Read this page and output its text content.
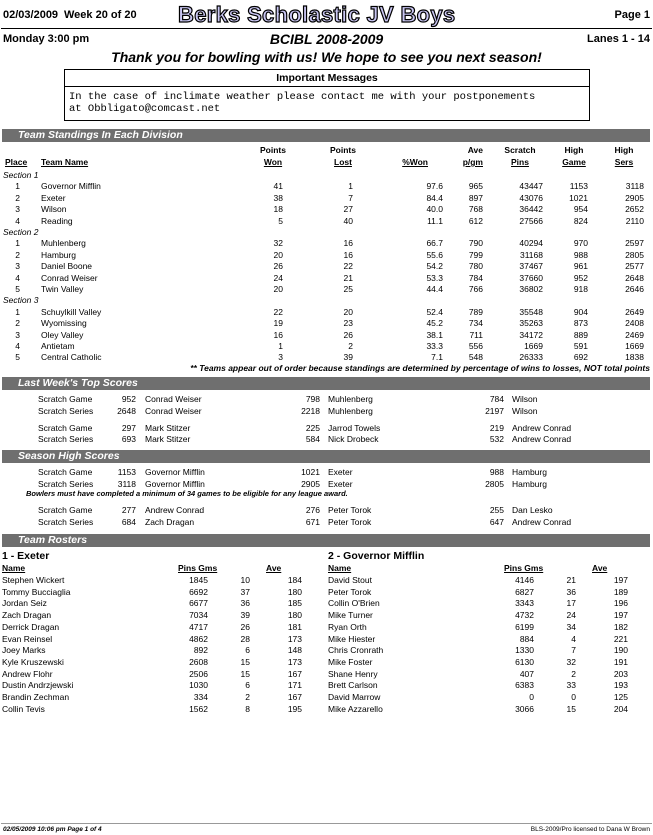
02/03/2009 Week 20 of 20 Berks Scholastic JV Boys	Page 1
Monday 3:00 pm	BCIBL 2008-2009	Lanes 1 - 14
Thank you for bowling with us! We hope to see you next season!
Important Messages
In the case of inclimate weather please contact me with your postponements
at Obbligato@comcast.net
Team Standings In Each Division
Points	Points	Ave	Scratch	High	High
Won	Lost
Place Team Name	%Won	p/gm	Pins	Game	Sers
Section 1
1 Governor Mifflin	41	1	97.6	965	43447	1153	3118
2 Exeter	38	7	84.4	897	43076	1021	2905
3 Wilson	18	27	40.0	768	36442	954	2652
4 Reading	5	40	11.1	612	27566	824	2110
Section 2
1 Muhlenberg	32	16	66.7	790	40294	970	2597
2 Hamburg	20	16	55.6	799	31168	988	2805
3 Daniel Boone	26	22	54.2	780	37467	961	2577
4 Conrad Weiser	24	21	53.3	784	37660	952	2648
5 Twin Valley	20	25	44.4	766	36802	918	2646
Section 3
1 Schuylkill Valley	22	20	52.4	789	35548	904	2649
2 Wyomissing	19	23	45.2	734	35263	873	2408
3 Oley Valley	16	26	38.1	711	34172	889	2469
4 Antietam	1	2	33.3	556	1669	591	1669
5 Central Catholic	3	39	7.1	548	26333	692	1838
** Teams appear out of order because standings are determined by percentage of wins to losses, NOT total points
Last Week's Top Scores
Scratch Game	952 Conrad Weiser	798 Muhlenberg	784 Wilson
Scratch Series	2648 Conrad Weiser	2218 Muhlenberg	2197 Wilson
Scratch Game	297 Mark Stitzer	225 Jarrod Towels	219 Andrew Conrad
Scratch Series	693 Mark Stitzer	584 Nick Drobeck	532 Andrew Conrad
Season High Scores
Scratch Game	1153 Governor Mifflin	1021 Exeter	988 Hamburg
Scratch Series	3118 Governor Mifflin	2905 Exeter	2805 Hamburg
Bowlers must have completed a minimum of 34 games to be eligible for any league award.
Scratch Game	277 Andrew Conrad	276 Peter Torok	255 Dan Lesko
Scratch Series	684 Zach Dragan	671 Peter Torok	647 Andrew Conrad
Team Rosters
1 - Exeter
Name	Pins Gms	Ave
Stephen Wickert	1845	10	184
Tommy Bucciaglia	6692	37	180
Jordan Seiz	6677	36	185
Zach Dragan	7034	39	180
Derrick Dragan	4717	26	181
Evan Reinsel	4862	28	173
Joey Marks	892	6	148
Kyle Kruszewski	2608	15	173
Andrew Flohr	2506	15	167
Dustin Andrzjewski	1030	6	171
Brandin Zechman	334	2	167
Collin Tevis	1562	8	195
2 - Governor Mifflin
Name	Pins Gms	Ave
David Stout	4146	21	197
Peter Torok	6827	36	189
Collin O'Brien	3343	17	196
Mike Turner	4732	24	197
Ryan Orth	6199	34	182
Mike Hiester	884	4	221
Chris Cronrath	1330	7	190
Mike Foster	6130	32	191
Shane Henry	407	2	203
Brett Carlson	6383	33	193
David Marrow	0	0	125
Mike Azzarello	3066	15	204
02/05/2009 10:06 pm Page 1 of 4	BLS-2009/Pro licensed to Dana W Brown
